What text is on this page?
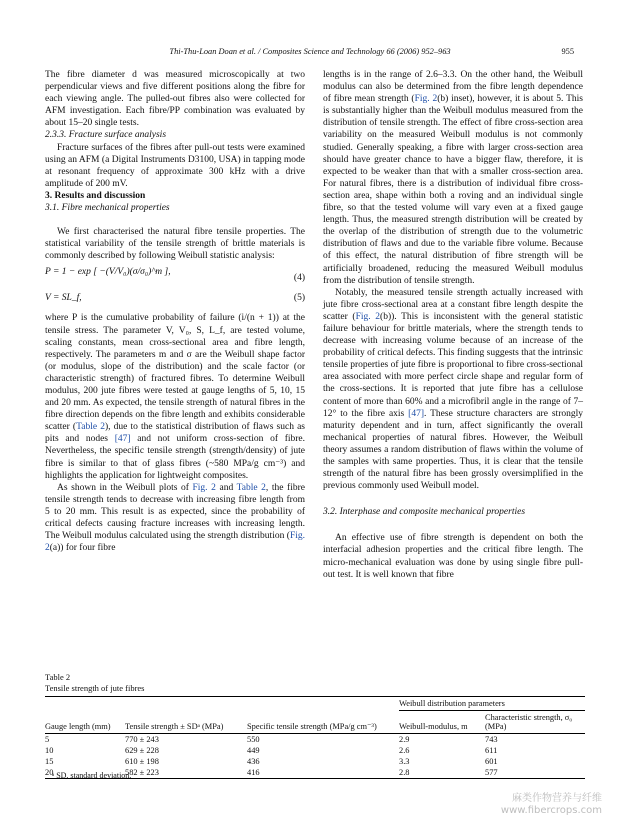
Thi-Thu-Loan Doan et al. / Composites Science and Technology 66 (2006) 952–963	955

The fibre diameter d was measured microscopically at two perpendicular views and five different positions along the fibre for each viewing angle. The pulled-out fibres also were collected for AFM investigation. Each fibre/PP combination was evaluated by about 15–20 single tests.

2.3.3. Fracture surface analysis

Fracture surfaces of the fibres after pull-out tests were examined using an AFM (a Digital Instruments D3100, USA) in tapping mode at resonant frequency of approximate 300 kHz with a drive amplitude of 200 mV.

3. Results and discussion

3.1. Fibre mechanical properties

We first characterised the natural fibre tensile properties. The statistical variability of the tensile strength of brittle materials is commonly described by following Weibull statistic analysis:

P = 1 − exp [ −(V/V₀)(σ/σ₀)^m ],
(4)
V = SL_f,	(5)

where P is the cumulative probability of failure (i/(n + 1)) at the tensile stress. The parameter V, V₀, S, L_f, are tested volume, scaling constants, mean cross-sectional area and fibre length, respectively. The parameters m and σ are the Weibull shape factor (or modulus, slope of the distribution) and the scale factor (or characteristic strength) of fractured fibres. To determine Weibull modulus, 200 jute fibres were tested at gauge lengths of 5, 10, 15 and 20 mm. As expected, the tensile strength of natural fibres in the fibre direction depends on the fibre length and exhibits considerable scatter (Table 2), due to the statistical distribution of flaws such as pits and nodes [47] and not uniform cross-section of fibre. Nevertheless, the specific tensile strength (strength/density) of jute fibre is similar to that of glass fibres (~580 MPa/g cm⁻³) and highlights the application for lightweight composites.

As shown in the Weibull plots of Fig. 2 and Table 2, the fibre tensile strength tends to decrease with increasing fibre length from 5 to 20 mm. This result is as expected, since the probability of critical defects causing fracture increases with increasing length. The Weibull modulus calculated using the strength distribution (Fig. 2(a)) for four fibre

lengths is in the range of 2.6–3.3. On the other hand, the Weibull modulus can also be determined from the fibre length dependence of fibre mean strength (Fig. 2(b) inset), however, it is about 5. This is substantially higher than the Weibull modulus measured from the distribution of tensile strength. The effect of fibre cross-section area variability on the measured Weibull modulus is not commonly studied. Generally speaking, a fibre with larger cross-section area should have greater chance to have a bigger flaw, therefore, it is expected to be weaker than that with a smaller cross-section area. For natural fibres, there is a distribution of individual fibre cross-section area, shape within both a roving and an individual single fibre, so that the tested volume will vary even at a fixed gauge length. Thus, the measured strength distribution will be created by the overlap of the distribution of strength due to the volumetric distribution of flaws and due to the variable fibre volume. Because of this effect, the natural distribution of fibre strength will be artificially broadened, reducing the measured Weibull modulus from the distribution of tensile strength.

Notably, the measured tensile strength actually increased with jute fibre cross-sectional area at a constant fibre length despite the scatter (Fig. 2(b)). This is inconsistent with the general statistic failure behaviour for brittle materials, where the strength tends to decrease with increasing volume because of an increase of the probability of critical defects. This finding suggests that the intrinsic tensile properties of jute fibre is proportional to fibre cross-sectional area associated with more perfect circle shape and regular form of the cross-sections. It is reported that jute fibre has a cellulose content of more than 60% and a microfibril angle in the range of 7–12° to the fibre axis [47]. These structure characters are strongly maturity dependent and in turn, affect significantly the overall mechanical properties of natural fibres. However, the Weibull theory assumes a random distribution of flaws within the volume of the samples with same properties. Thus, it is clear that the tensile strength of the natural fibre has been grossly oversimplified in the previous commonly used Weibull model.

3.2. Interphase and composite mechanical properties

An effective use of fibre strength is dependent on both the interfacial adhesion properties and the critical fibre length. The micro-mechanical evaluation was done by using single fibre pull-out test. It is well known that fibre

Table 2
Tensile strength of jute fibres
Gauge length (mm)	Tensile strength ± SDᵃ (MPa)	Specific tensile strength (MPa/g cm⁻³)	Weibull distribution parameters	
			Weibull-modulus, m	Characteristic strength, σ₀ (MPa)
5	770 ± 243	550	2.9	743
10	629 ± 228	449	2.6	611
15	610 ± 198	436	3.3	601
20	582 ± 223	416	2.8	577
ᵃ SD, standard deviation.
麻类作物营养与纤维
www.fibercrops.com
